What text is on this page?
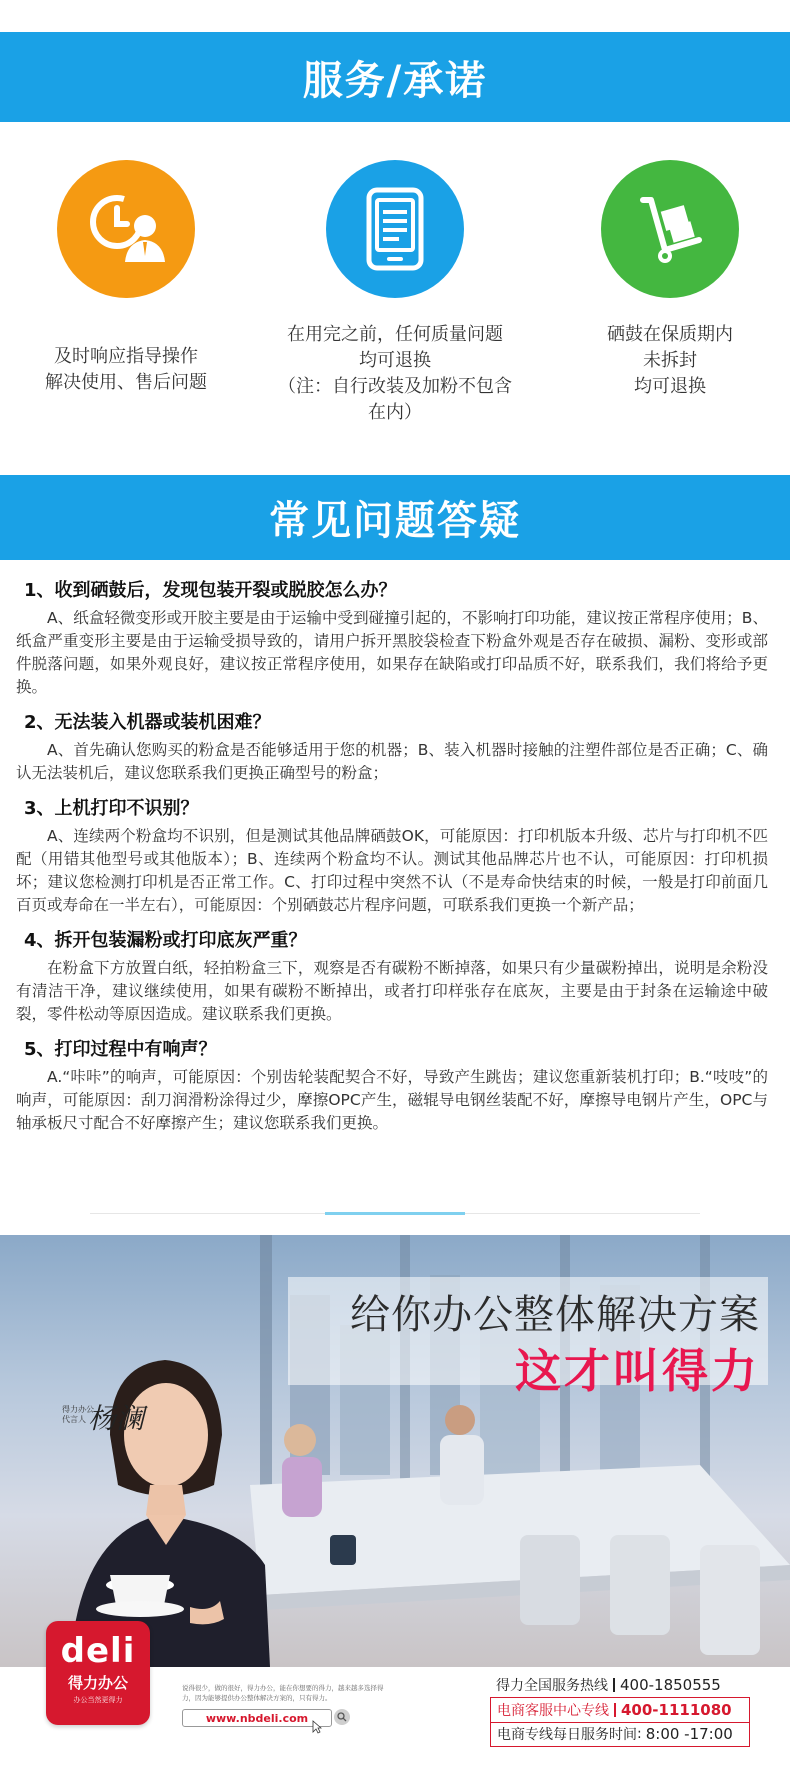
服务/承诺
及时响应指导操作
解决使用、售后问题
在用完之前，任何质量问题
均可退换
（注：自行改装及加粉不包含在内）
硒鼓在保质期内
未拆封
均可退换
常见问题答疑
1、收到硒鼓后，发现包装开裂或脱胶怎么办？
A、纸盒轻微变形或开胶主要是由于运输中受到碰撞引起的，不影响打印功能，建议按正常程序使用；B、纸盒严重变形主要是由于运输受损导致的，请用户拆开黑胶袋检查下粉盒外观是否存在破损、漏粉、变形或部件脱落问题，如果外观良好，建议按正常程序使用，如果存在缺陷或打印品质不好，联系我们，我们将给予更换。
2、无法装入机器或装机困难？
A、首先确认您购买的粉盒是否能够适用于您的机器；B、装入机器时接触的注塑件部位是否正确；C、确认无法装机后，建议您联系我们更换正确型号的粉盒；
3、上机打印不识别？
A、连续两个粉盒均不识别，但是测试其他品牌硒鼓OK，可能原因：打印机版本升级、芯片与打印机不匹配（用错其他型号或其他版本）；B、连续两个粉盒均不认。测试其他品牌芯片也不认，可能原因：打印机损坏；建议您检测打印机是否正常工作。C、打印过程中突然不认（不是寿命快结束的时候，一般是打印前面几百页或寿命在一半左右），可能原因：个别硒鼓芯片程序问题，可联系我们更换一个新产品；
4、拆开包装漏粉或打印底灰严重？
在粉盒下方放置白纸，轻拍粉盒三下，观察是否有碳粉不断掉落，如果只有少量碳粉掉出，说明是余粉没有清洁干净，建议继续使用，如果有碳粉不断掉出，或者打印样张存在底灰，主要是由于封条在运输途中破裂，零件松动等原因造成。建议联系我们更换。
5、打印过程中有响声？
A.“咔咔”的响声，可能原因：个别齿轮装配契合不好，导致产生跳齿；建议您重新装机打印；B.“吱吱”的响声，可能原因：刮刀润滑粉涂得过少，摩擦OPC产生，磁辊导电钢丝装配不好，摩擦导电钢片产生，OPC与轴承板尺寸配合不好摩擦产生；建议您联系我们更换。
给你办公整体解决方案
这才叫得力
得力办公
代言人 杨澜
deli
得力办公
办公当然更得力
说得很少，做的很好，得力办公，能在你想要的得力，越来越多选择得力，因为能够提供办公整体解决方案的，只有得力。
www.nbdeli.com
得力全国服务热线 400-1850555
电商客服中心专线 400-1111080
电商专线每日服务时间 : 8:00 -17:00
